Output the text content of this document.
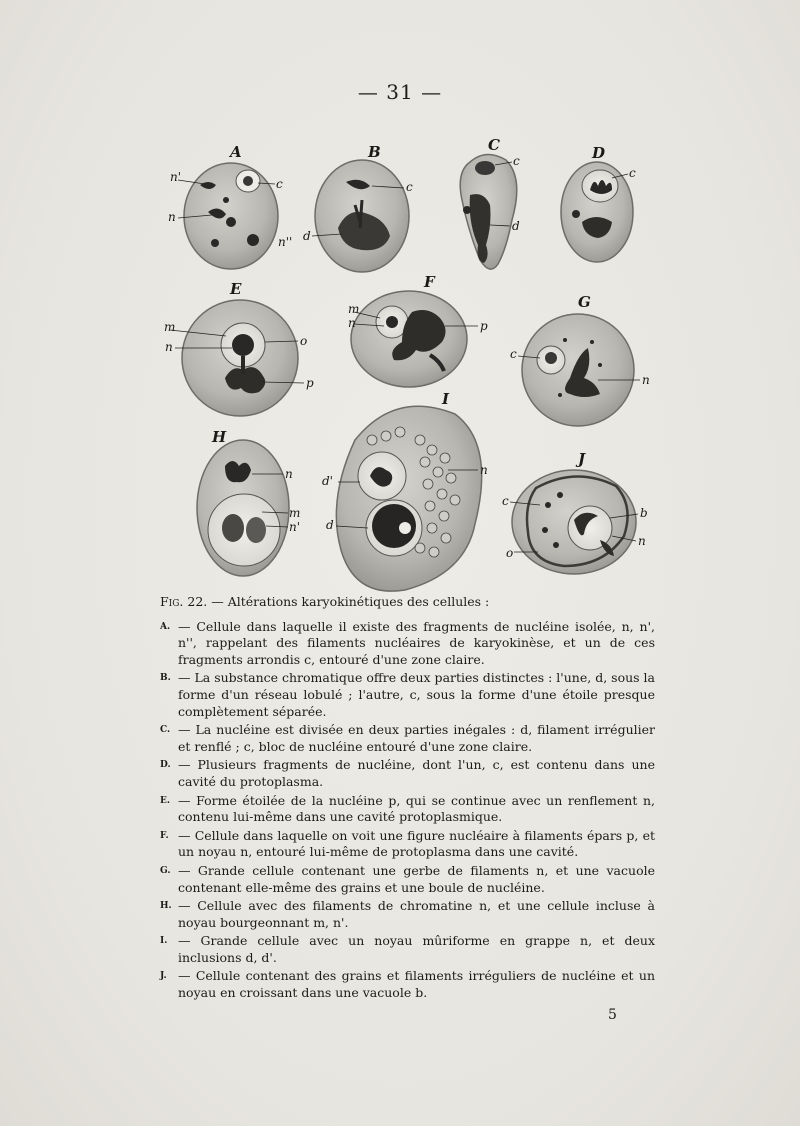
— 31 —
A
n'	c
n
n''
B
c
d
C
c
d
D
c
E
m
n	o
p
F
m
n	p
G
c
n
H
n
m
n'
I
d'
n
d
J
c
b
n
o
Fig. 22. — Altérations karyokinétiques des cellules :
A. — Cellule dans laquelle il existe des fragments de nucléine isolée, n, n', n'', rappelant des filaments nucléaires de karyokinèse, et un de ces fragments arrondis c, entouré d'une zone claire.
B. — La substance chromatique offre deux parties distinctes : l'une, d, sous la forme d'un réseau lobulé ; l'autre, c, sous la forme d'une étoile presque complètement séparée.
C. — La nucléine est divisée en deux parties inégales : d, filament irrégulier et renflé ; c, bloc de nucléine entouré d'une zone claire.
D. — Plusieurs fragments de nucléine, dont l'un, c, est contenu dans une cavité du protoplasma.
E. — Forme étoilée de la nucléine p, qui se continue avec un renflement n, contenu lui-même dans une cavité protoplasmique.
F. — Cellule dans laquelle on voit une figure nucléaire à filaments épars p, et un noyau n, entouré lui-même de protoplasma dans une cavité.
G. — Grande cellule contenant une gerbe de filaments n, et une vacuole contenant elle-même des grains et une boule de nucléine.
H. — Cellule avec des filaments de chromatine n, et une cellule incluse à noyau bourgeonnant m, n'.
I. — Grande cellule avec un noyau mûriforme en grappe n, et deux inclusions d, d'.
J. — Cellule contenant des grains et filaments irréguliers de nucléine et un noyau en croissant dans une vacuole b.
5
